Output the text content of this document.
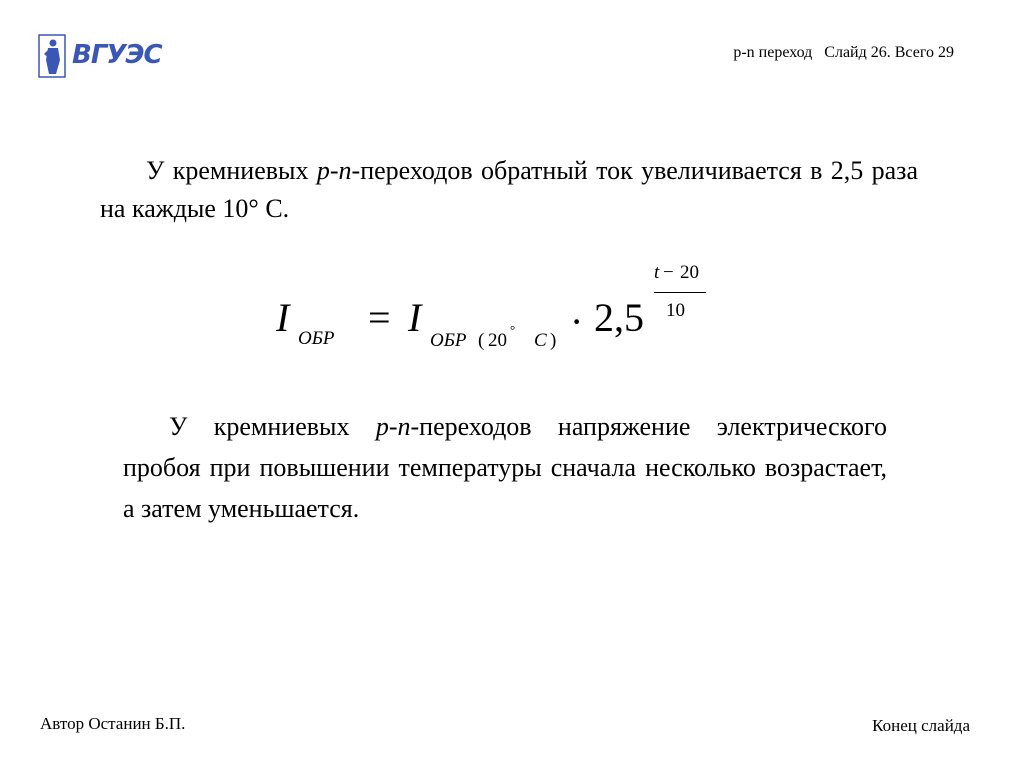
ВГУЭС	p-n переход Слайд 26. Всего 29
У кремниевых p-n-переходов обратный ток увеличивается в 2,5 раза на каждые 10° С.
I ОБР = I
ОБР ( 20
°
С ) · 2,5
t − 20
10
У кремниевых p-n-переходов напряжение электрического пробоя при повышении температуры сначала несколько возрастает, а затем уменьшается.
Автор Останин Б.П.	Конец слайда
